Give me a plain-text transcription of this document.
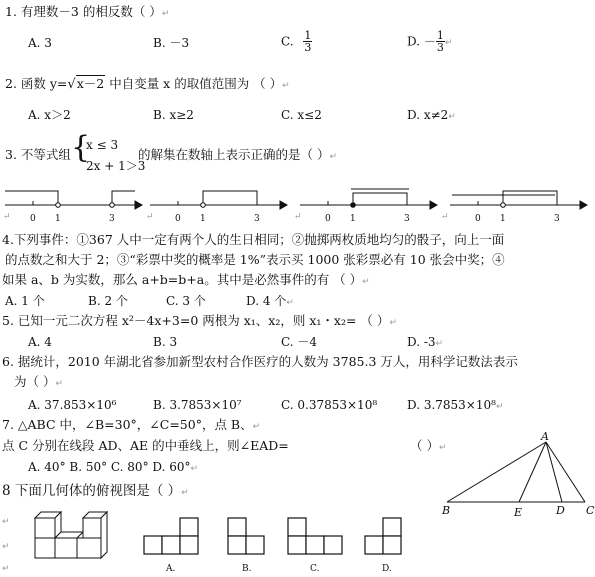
1. 有理数－3 的相反数（ ）↵
A. 3	B. －3	C. $\frac{1}{3}$	D. － $\frac{1}{3}$ ↵
2. 函数 y=√x－2 中自变量 x 的取值范围为 （ ）↵
A. x＞2	B. x≥2	C. x≤2	D. x≠2↵
3. 不等式组 {
x ≤ 3
2x + 1＞3
的解集在数轴上表示正确的是（ ）↵
0 1	3	0 1	3	0 1	3	0 1	3
↵	↵	↵	↵
4.下列事件：①367 人中一定有两个人的生日相同；②抛掷两枚质地均匀的骰子，向上一面
的点数之和大于 2；③“彩票中奖的概率是 1%”表示买 1000 张彩票必有 10 张会中奖；④
如果 a、b 为实数，那么 a+b=b+a。其中是必然事件的有 （ ）↵
A. 1 个	B. 2 个	C. 3 个	D. 4 个↵
5. 已知一元二次方程 x²－4x+3=0 两根为 x₁、x₂，则 x₁・x₂= （ ）↵
A. 4	B. 3	C. －4	D. -3↵
6. 据统计，2010 年湖北省参加新型农村合作医疗的人数为 3785.3 万人，用科学记数法表示
为（ ）↵
A. 37.853×10⁶	B. 3.7853×10⁷	C. 0.37853×10⁸ D. 3.7853×10⁸↵
7. △ABC 中，∠B=30°，∠C=50°，点 B、↵
点 C 分别在线段 AD、AE 的中垂线上，则∠EAD=	（ ）↵
A. 40° B. 50° C. 80° D. 60°↵
A
B	E	D C
8 下面几何体的俯视图是（ ）↵
↵
↵
↵	A.	B.	C.	D.
